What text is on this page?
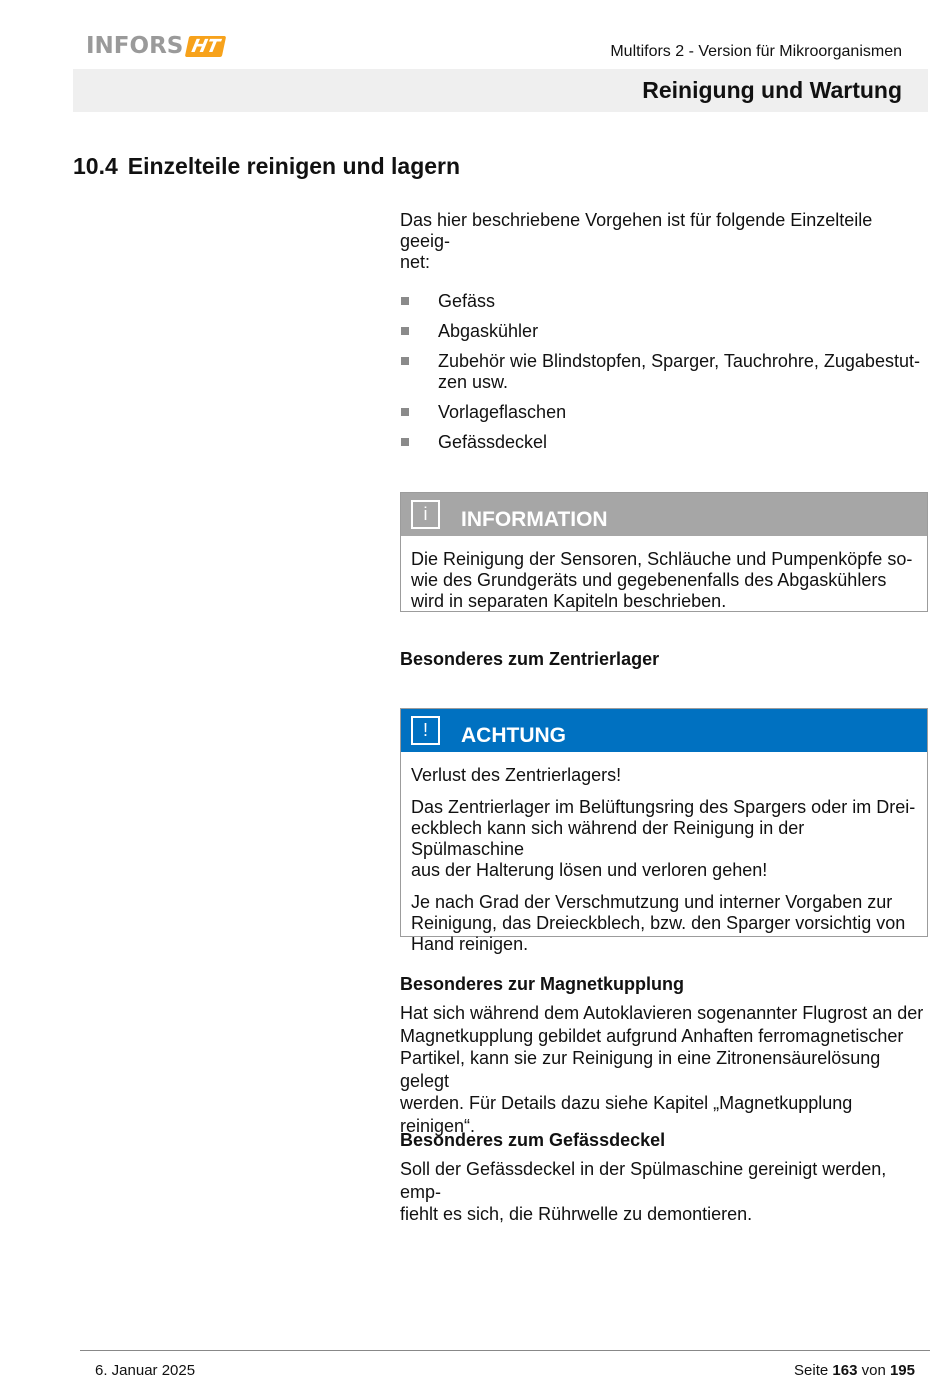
INFORS HT	Multifors 2 - Version für Mikroorganismen
Reinigung und Wartung
10.4 Einzelteile reinigen und lagern
Das hier beschriebene Vorgehen ist für folgende Einzelteile geeig-
net:
Gefäss
Abgaskühler
Zubehör wie Blindstopfen, Sparger, Tauchrohre, Zugabestut-
zen usw.
Vorlageflaschen
Gefässdeckel
i	INFORMATION
Die Reinigung der Sensoren, Schläuche und Pumpenköpfe so-
wie des Grundgeräts und gegebenenfalls des Abgaskühlers
wird in separaten Kapiteln beschrieben.
Besonderes zum Zentrierlager
!	ACHTUNG

Verlust des Zentrierlagers!

Das Zentrierlager im Belüftungsring des Spargers oder im Drei-
eckblech kann sich während der Reinigung in der Spülmaschine
aus der Halterung lösen und verloren gehen!

Je nach Grad der Verschmutzung und interner Vorgaben zur
Reinigung, das Dreieckblech, bzw. den Sparger vorsichtig von
Hand reinigen.

Besonderes zur Magnetkupplung
Hat sich während dem Autoklavieren sogenannter Flugrost an der
Magnetkupplung gebildet aufgrund Anhaften ferromagnetischer
Partikel, kann sie zur Reinigung in eine Zitronensäurelösung gelegt
werden. Für Details dazu siehe Kapitel „Magnetkupplung reinigen“.
Besonderes zum Gefässdeckel
Soll der Gefässdeckel in der Spülmaschine gereinigt werden, emp-
fiehlt es sich, die Rührwelle zu demontieren.
6. Januar 2025	Seite 163 von 195
